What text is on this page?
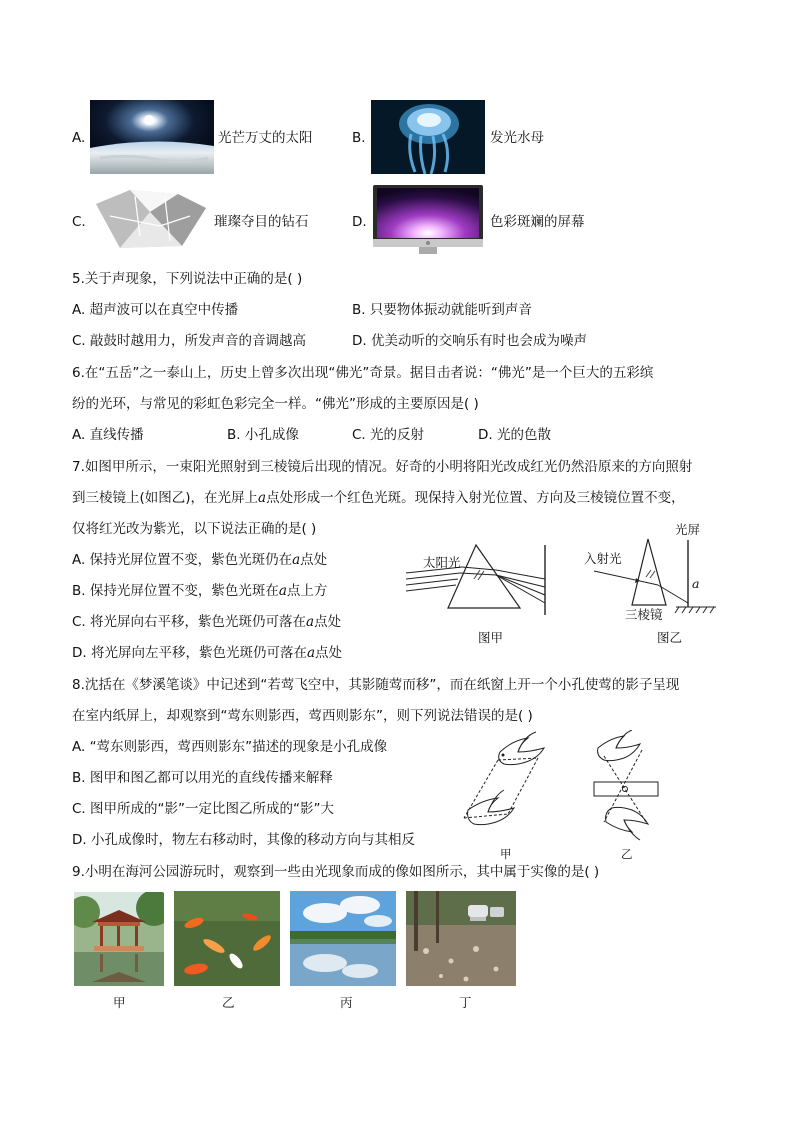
A.	光芒万丈的太阳	B.	发光水母
C.	璀璨夺目的钻石	D.	色彩斑斓的屏幕
5.关于声现象，下列说法中正确的是( )
A. 超声波可以在真空中传播	B. 只要物体振动就能听到声音
C. 敲鼓时越用力，所发声音的音调越高	D. 优美动听的交响乐有时也会成为噪声
6.在“五岳”之一泰山上，历史上曾多次出现“佛光”奇景。据目击者说：“佛光”是一个巨大的五彩缤
纷的光环，与常见的彩虹色彩完全一样。“佛光”形成的主要原因是( )
A. 直线传播	B. 小孔成像	C. 光的反射	D. 光的色散
7.如图甲所示，一束阳光照射到三棱镜后出现的情况。好奇的小明将阳光改成红光仍然沿原来的方向照射
到三棱镜上(如图乙)，在光屏上a点处形成一个红色光斑。现保持入射光位置、方向及三棱镜位置不变，
仅将红光改为紫光，以下说法正确的是( )
A. 保持光屏位置不变，紫色光斑仍在a点处
B. 保持光屏位置不变，紫色光斑在a点上方
C. 将光屏向右平移，紫色光斑仍可落在a点处
D. 将光屏向左平移，紫色光斑仍可落在a点处
太阳光	入射光
光屏
三棱镜
a
图甲	图乙
8.沈括在《梦溪笔谈》中记述到“若莺飞空中，其影随莺而移”，而在纸窗上开一个小孔使莺的影子呈现
在室内纸屏上，却观察到“莺东则影西，莺西则影东”，则下列说法错误的是( )
A. “莺东则影西，莺西则影东”描述的现象是小孔成像
B. 图甲和图乙都可以用光的直线传播来解释
C. 图甲所成的“影”一定比图乙所成的“影”大
D. 小孔成像时，物左右移动时，其像的移动方向与其相反
甲	乙
9.小明在海河公园游玩时，观察到一些由光现象而成的像如图所示，其中属于实像的是( )
甲	乙	丙	丁
